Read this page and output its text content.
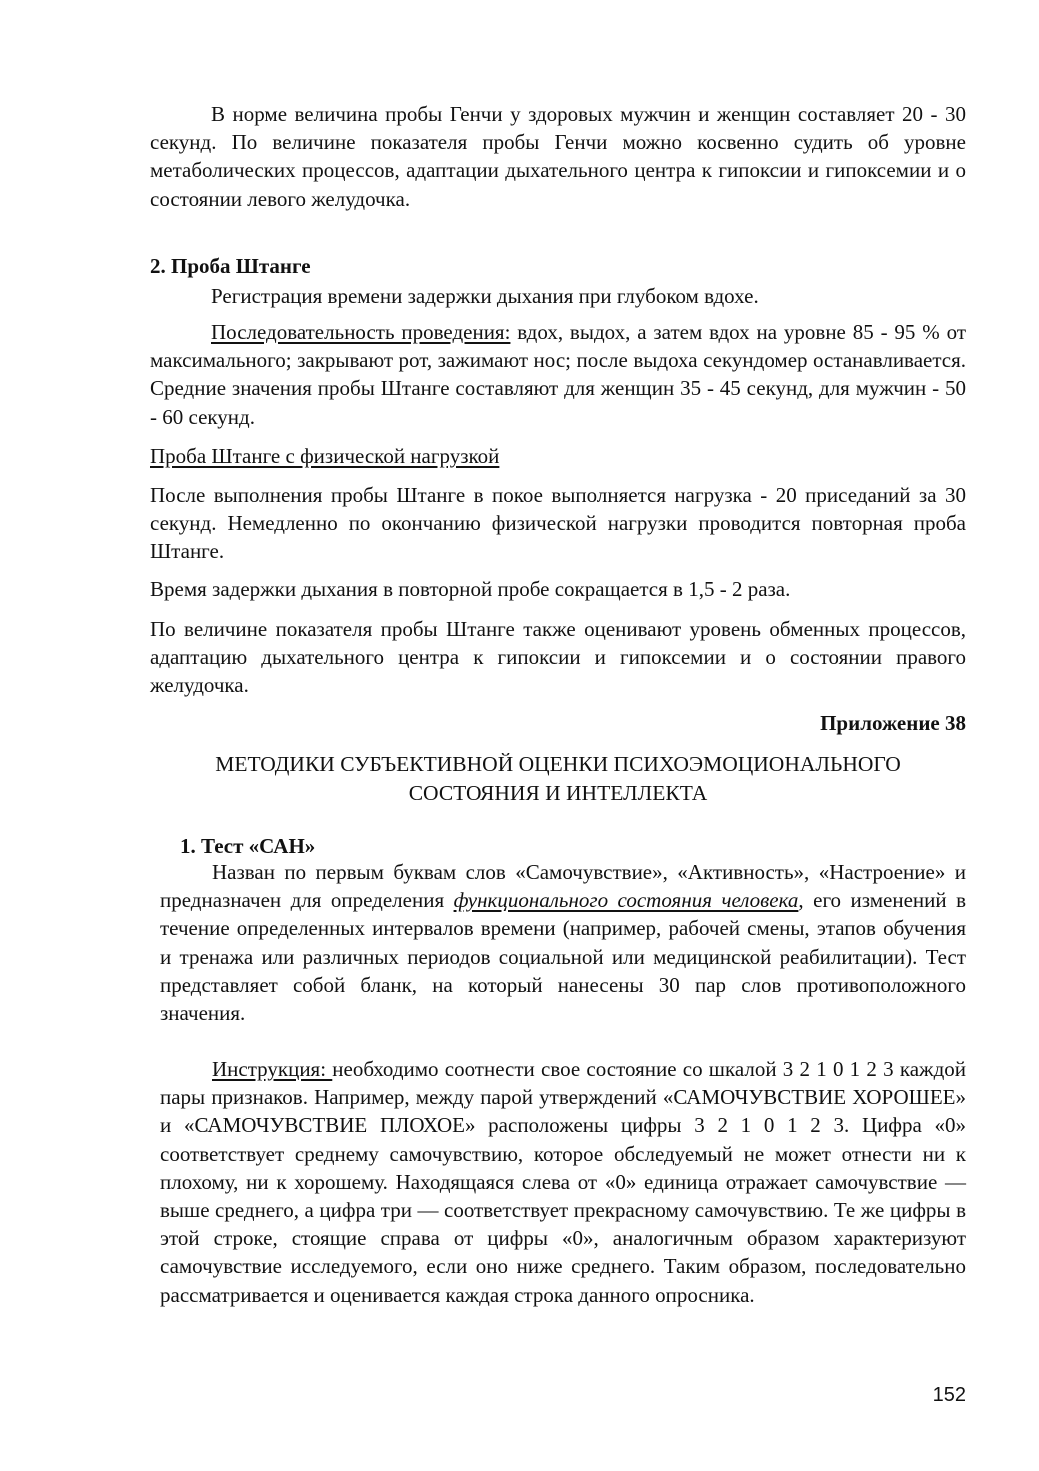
В норме величина пробы Генчи у здоровых мужчин и женщин составляет 20 - 30 секунд. По величине показателя пробы Генчи можно косвенно судить об уровне метаболических процессов, адаптации дыхательного центра к гипоксии и гипоксемии и о состоянии левого желудочка.

2. Проба Штанге

Регистрация времени задержки дыхания при глубоком вдохе.

Последовательность проведения: вдох, выдох, а затем вдох на уровне 85 - 95 % от максимального; закрывают рот, зажимают нос; после выдоха секундомер останавливается. Средние значения пробы Штанге составляют для женщин 35 - 45 секунд, для мужчин - 50 - 60 секунд.

Проба Штанге с физической нагрузкой

После выполнения пробы Штанге в покое выполняется нагрузка - 20 приседаний за 30 секунд. Немедленно по окончанию физической нагрузки проводится повторная проба Штанге.

Время задержки дыхания в повторной пробе сокращается в 1,5 - 2 раза.

По величине показателя пробы Штанге также оценивают уровень обменных процессов, адаптацию дыхательного центра к гипоксии и гипоксемии и о состоянии правого желудочка.

Приложение 38

МЕТОДИКИ СУБЪЕКТИВНОЙ ОЦЕНКИ ПСИХОЭМОЦИОНАЛЬНОГО
СОСТОЯНИЯ И ИНТЕЛЛЕКТА

1. Тест «САН»

Назван по первым буквам слов «Самочувствие», «Активность», «Настроение» и предназначен для определения функционального состояния человека, его изменений в течение определенных интервалов времени (например, рабочей смены, этапов обучения и тренажа или различных периодов социальной или медицинской реабилитации). Тест представляет собой бланк, на который нанесены 30 пар слов противоположного значения.

Инструкция: необходимо соотнести свое состояние со шкалой 3 2 1 0 1 2 3 каждой пары признаков. Например, между парой утверждений «САМОЧУВСТВИЕ ХОРОШЕЕ» и «САМОЧУВСТВИЕ ПЛОХОЕ» расположены цифры 3 2 1 0 1 2 3. Цифра «0» соответствует среднему самочувствию, которое обследуемый не может отнести ни к плохому, ни к хорошему. Находящаяся слева от «0» единица отражает самочувствие — выше среднего, а цифра три — соответствует прекрасному самочувствию. Те же цифры в этой строке, стоящие справа от цифры «0», аналогичным образом характеризуют самочувствие исследуемого, если оно ниже среднего. Таким образом, последовательно рассматривается и оценивается каждая строка данного опросника.

152
